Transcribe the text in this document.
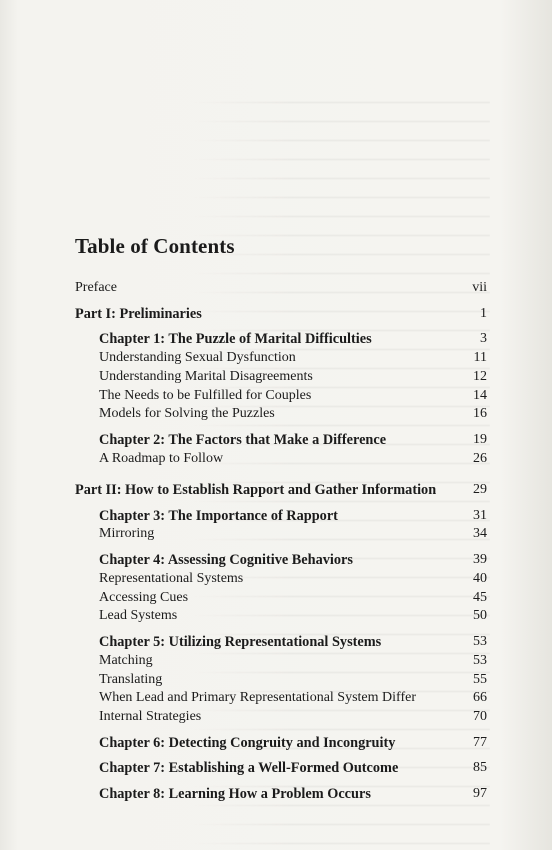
Table of Contents
Preface	vii
Part I: Preliminaries	1
Chapter 1: The Puzzle of Marital Difficulties	3
Understanding Sexual Dysfunction	11
Understanding Marital Disagreements	12
The Needs to be Fulfilled for Couples	14
Models for Solving the Puzzles	16
Chapter 2: The Factors that Make a Difference	19
A Roadmap to Follow	26
Part II: How to Establish Rapport and Gather Information	29
Chapter 3: The Importance of Rapport	31
Mirroring	34
Chapter 4: Assessing Cognitive Behaviors	39
Representational Systems	40
Accessing Cues	45
Lead Systems	50
Chapter 5: Utilizing Representational Systems	53
Matching	53
Translating	55
When Lead and Primary Representational System Differ	66
Internal Strategies	70
Chapter 6: Detecting Congruity and Incongruity	77
Chapter 7: Establishing a Well-Formed Outcome	85
Chapter 8: Learning How a Problem Occurs	97
